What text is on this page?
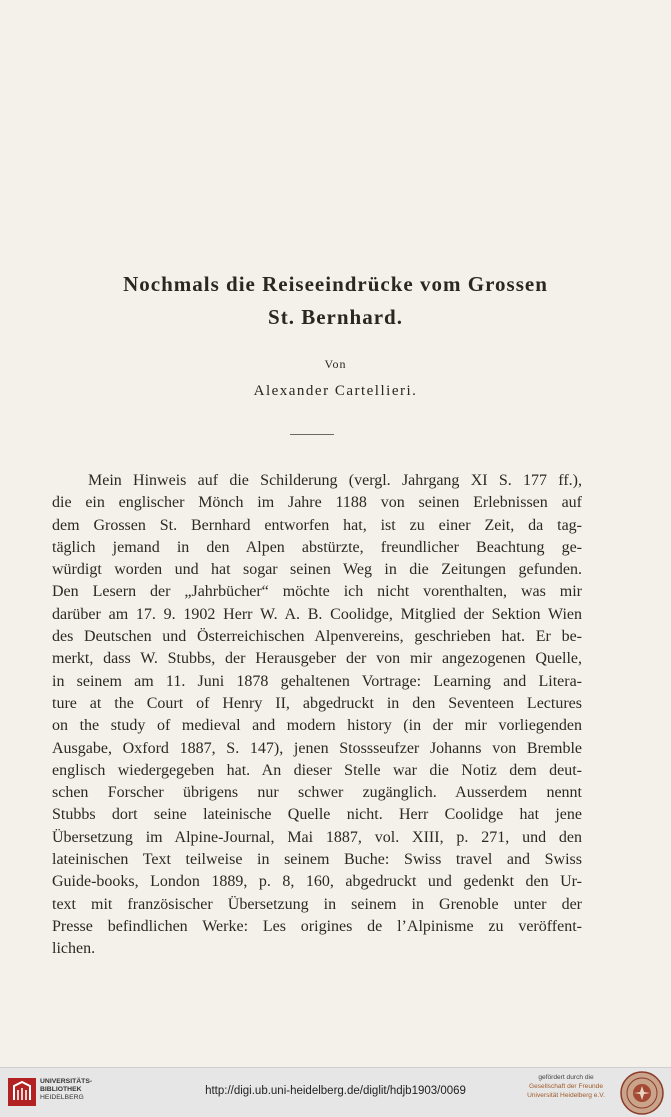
Nochmals die Reiseeindrücke vom Grossen
St. Bernhard.
Von
Alexander Cartellieri.
Mein Hinweis auf die Schilderung (vergl. Jahrgang XI S. 177 ff.),
die ein englischer Mönch im Jahre 1188 von seinen Erlebnissen auf
dem Grossen St. Bernhard entworfen hat, ist zu einer Zeit, da tag-
täglich jemand in den Alpen abstürzte, freundlicher Beachtung ge-
würdigt worden und hat sogar seinen Weg in die Zeitungen gefunden.
Den Lesern der „Jahrbücher“ möchte ich nicht vorenthalten, was mir
darüber am 17. 9. 1902 Herr W. A. B. Coolidge, Mitglied der Sektion Wien
des Deutschen und Österreichischen Alpenvereins, geschrieben hat. Er be-
merkt, dass W. Stubbs, der Herausgeber der von mir angezogenen Quelle,
in seinem am 11. Juni 1878 gehaltenen Vortrage: Learning and Litera-
ture at the Court of Henry II, abgedruckt in den Seventeen Lectures
on the study of medieval and modern history (in der mir vorliegenden
Ausgabe, Oxford 1887, S. 147), jenen Stossseufzer Johanns von Bremble
englisch wiedergegeben hat. An dieser Stelle war die Notiz dem deut-
schen Forscher übrigens nur schwer zugänglich. Ausserdem nennt
Stubbs dort seine lateinische Quelle nicht. Herr Coolidge hat jene
Übersetzung im Alpine-Journal, Mai 1887, vol. XIII, p. 271, und den
lateinischen Text teilweise in seinem Buche: Swiss travel and Swiss
Guide-books, London 1889, p. 8, 160, abgedruckt und gedenkt den Ur-
text mit französischer Übersetzung in seinem in Grenoble unter der
Presse befindlichen Werke: Les origines de l’Alpinisme zu veröffent-
lichen.
UNIVERSITÄTS-
BIBLIOTHEK
HEIDELBERG
http://digi.ub.uni-heidelberg.de/diglit/hdjb1903/0069
gefördert durch die
Gesellschaft der Freunde
Universität Heidelberg e.V.
